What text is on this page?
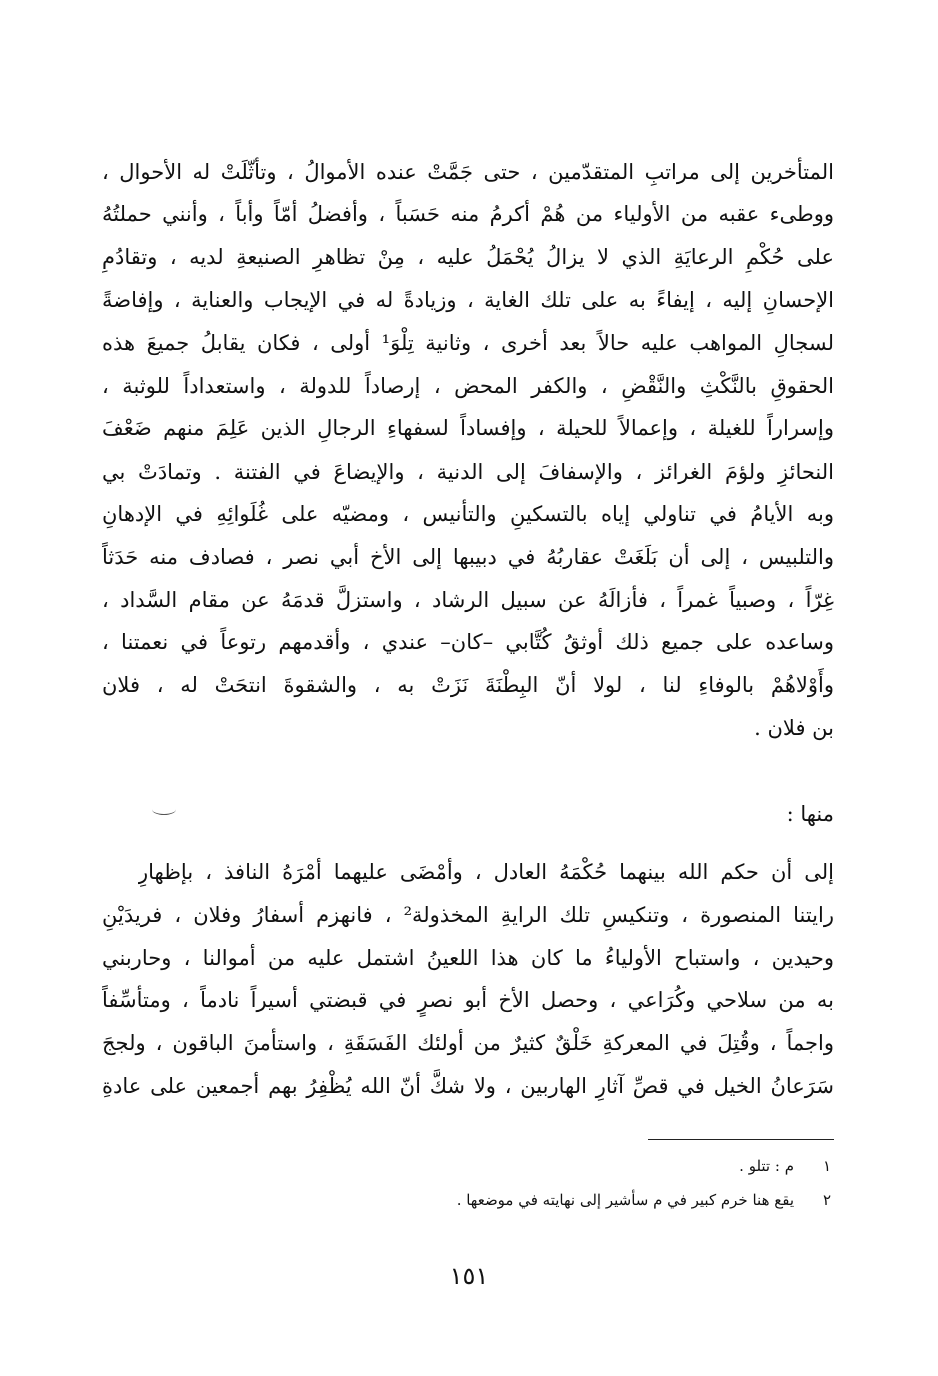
المتأخرين إلى مراتبِ المتقدّمين ، حتى جَمَّتْ عنده الأموالُ ، وتأثّلَتْ له الأحوال ،
ووطىء عقبه من الأولياء من هُمْ أكرمُ منه حَسَباً ، وأفضلُ أمّاً وأباً ، وأنني حملتُهُ
على حُكْمِ الرعايَةِ الذي لا يزالُ يُحْمَلُ عليه ، مِنْ تظاهرِ الصنيعةِ لديه ، وتقادُمِ
الإحسانِ إليه ، إيفاءً به على تلك الغاية ، وزيادةً له في الإيجاب والعناية ، وإفاضةً
لسجالِ المواهب عليه حالاً بعد أخرى ، وثانية تِلْوَ¹ أولى ، فكان يقابلُ جميعَ هذه
الحقوقِ بالنَّكْثِ والنَّقْضِ ، والكفر المحض ، إرصاداً للدولة ، واستعداداً للوثبة ،
وإسراراً للغيلة ، وإعمالاً للحيلة ، وإفساداً لسفهاءِ الرجالِ الذين عَلِمَ منهم ضَعْفَ
النحائزِ ولؤمَ الغرائز ، والإسفافَ إلى الدنية ، والإيضاعَ في الفتنة . وتمادَتْ بي
وبه الأيامُ في تناولي إياه بالتسكينِ والتأنيس ، ومضيّه على غُلَوائِهِ في الإدهانِ
والتلبيس ، إلى أن بَلَغَتْ عقاربُهُ في دبيبها إلى الأخ أبي نصر ، فصادف منه حَدَثاً
غِرّاً ، وصبياً غمراً ، فأزالَهُ عن سبيل الرشاد ، واستزلَّ قدمَهُ عن مقام السَّداد ،
وساعده على جميع ذلك أوثقُ كُتَّابي –كان– عندي ، وأقدمهم رتوعاً في نعمتنا ،
وأَوْلاهُمْ بالوفاءِ لنا ، لولا أنّ البِطْنَةَ نَزَتْ به ، والشقوةَ انتحَتْ له ، فلان
بن فلان .
منها :
إلى أن حكم الله بينهما حُكْمَهُ العادل ، وأمْضَى عليهما أمْرَهُ النافذ ، بإظهارِ
رايتنا المنصورة ، وتنكيسِ تلك الرايةِ المخذولة² ، فانهزم أسفارُ وفلان ، فريدَيْنِ
وحيدين ، واستباح الأولياءُ ما كان هذا اللعينُ اشتمل عليه من أموالنا ، وحاربني
به من سلاحي وكُرَاعي ، وحصل الأخ أبو نصرٍ في قبضتي أسيراً نادماً ، ومتأسِّفاً
واجماً ، وقُتِلَ في المعركةِ خَلْقٌ كثيرٌ من أولئك الفَسَقَةِ ، واستأمنَ الباقون ، ولججَ
سَرَعانُ الخيل في قصِّ آثارِ الهاربين ، ولا شكَّ أنّ الله يُظْفِرُ بهم أجمعين على عادةِ
١
م : تتلو .
٢
يقع هنا خرم كبير في م سأشير إلى نهايته في موضعها .
١٥١
